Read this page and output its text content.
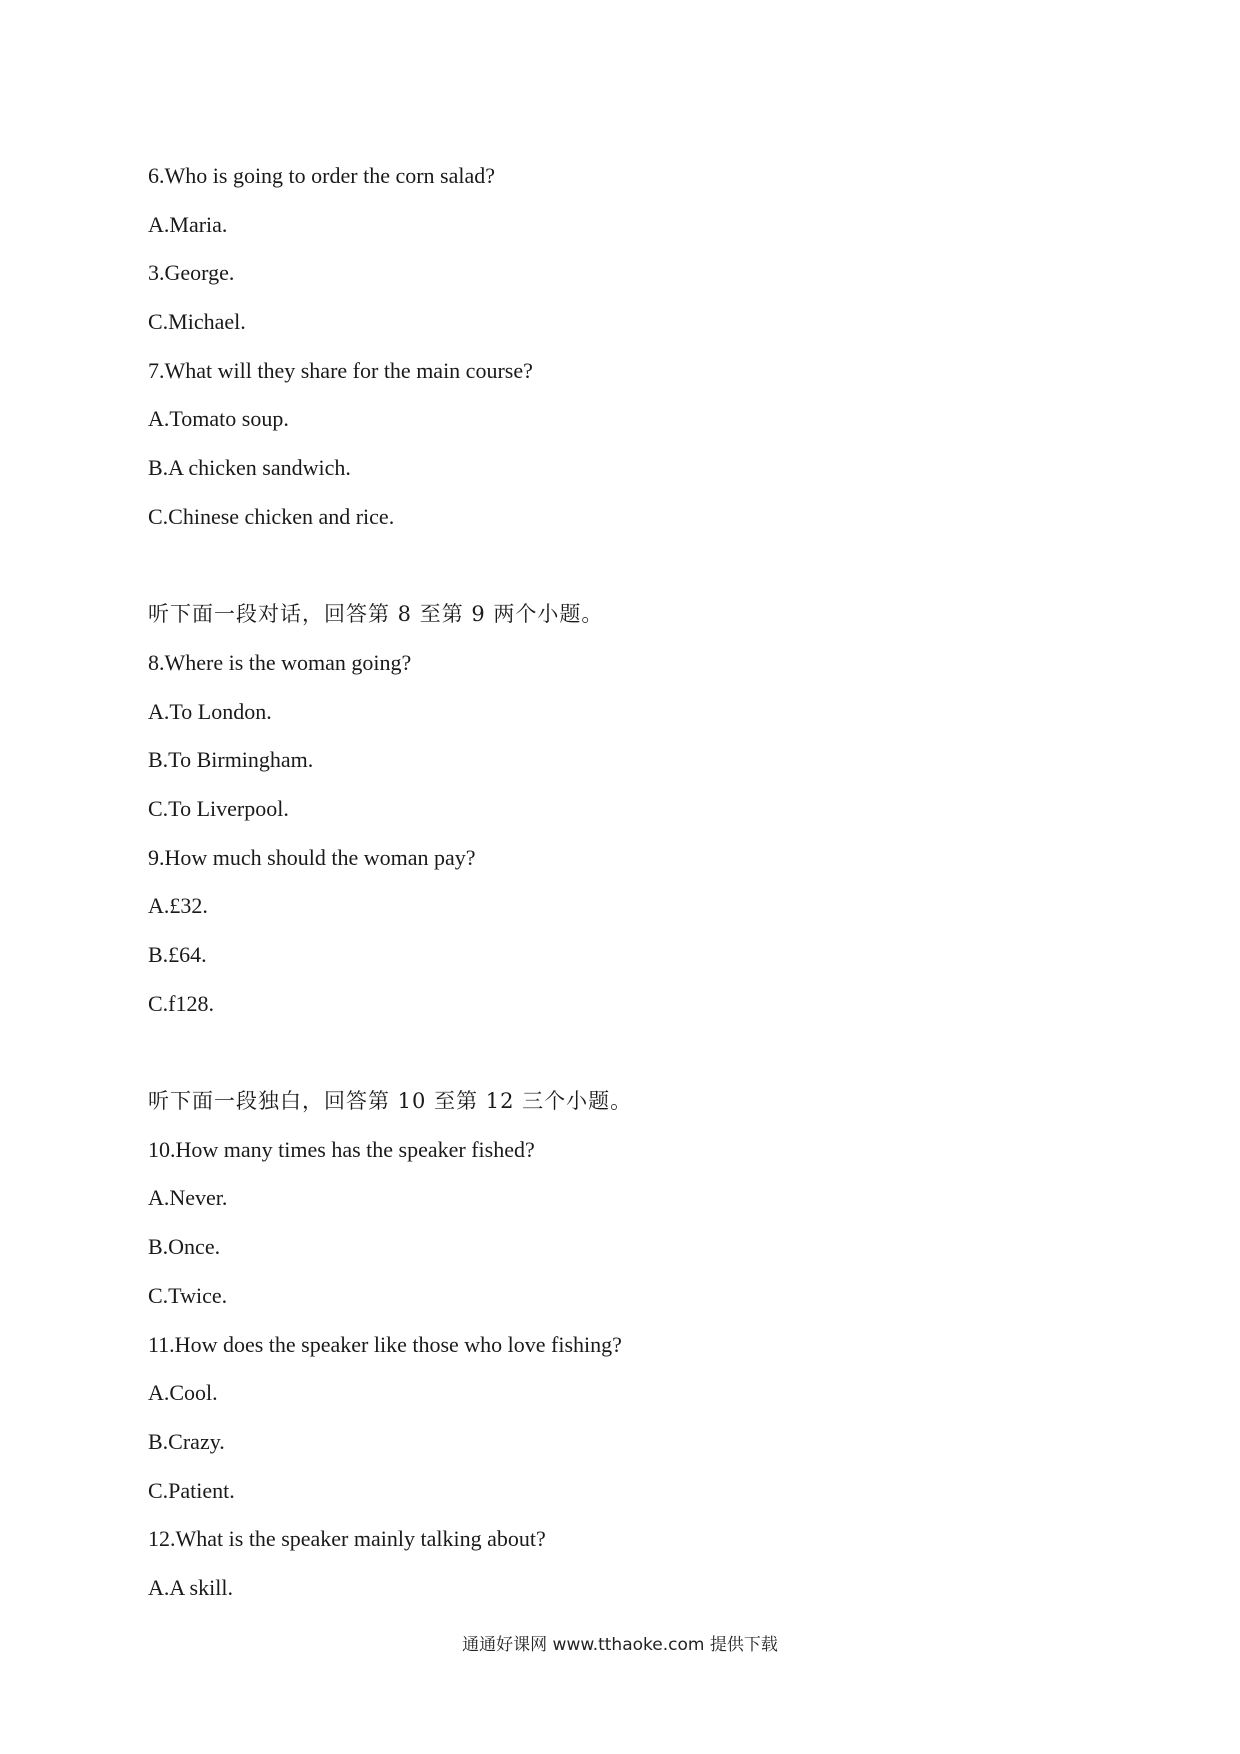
6.Who is going to order the corn salad?
A.Maria.
3.George.
C.Michael.
7.What will they share for the main course?
A.Tomato soup.
B.A chicken sandwich.
C.Chinese chicken and rice.
听下面一段对话，回答第 8 至第 9 两个小题。
8.Where is the woman going?
A.To London.
B.To Birmingham.
C.To Liverpool.
9.How much should the woman pay?
A.£32.
B.£64.
C.f128.
听下面一段独白，回答第 10 至第 12 三个小题。
10.How many times has the speaker fished?
A.Never.
B.Once.
C.Twice.
11.How does the speaker like those who love fishing?
A.Cool.
B.Crazy.
C.Patient.
12.What is the speaker mainly talking about?
A.A skill.
通通好课网 www.tthaoke.com 提供下载
